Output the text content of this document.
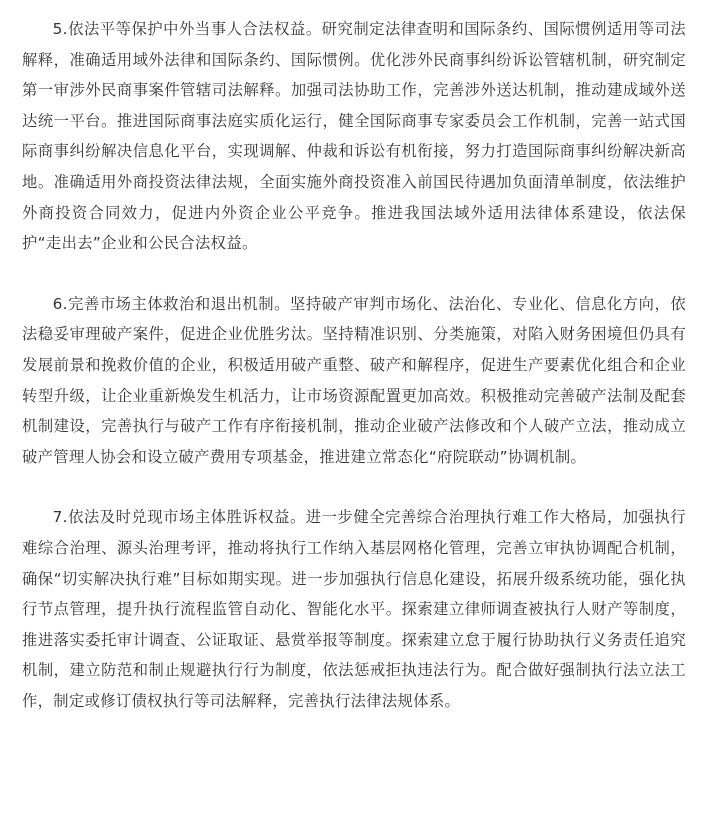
5.依法平等保护中外当事人合法权益。研究制定法律查明和国际条约、国际惯例适用等司法解释，准确适用域外法律和国际条约、国际惯例。优化涉外民商事纠纷诉讼管辖机制，研究制定第一审涉外民商事案件管辖司法解释。加强司法协助工作，完善涉外送达机制，推动建成域外送达统一平台。推进国际商事法庭实质化运行，健全国际商事专家委员会工作机制，完善一站式国际商事纠纷解决信息化平台，实现调解、仲裁和诉讼有机衔接，努力打造国际商事纠纷解决新高地。准确适用外商投资法律法规，全面实施外商投资准入前国民待遇加负面清单制度，依法维护外商投资合同效力，促进内外资企业公平竞争。推进我国法域外适用法律体系建设，依法保护“走出去”企业和公民合法权益。

6.完善市场主体救治和退出机制。坚持破产审判市场化、法治化、专业化、信息化方向，依法稳妥审理破产案件，促进企业优胜劣汰。坚持精准识别、分类施策，对陷入财务困境但仍具有发展前景和挽救价值的企业，积极适用破产重整、破产和解程序，促进生产要素优化组合和企业转型升级，让企业重新焕发生机活力，让市场资源配置更加高效。积极推动完善破产法制及配套机制建设，完善执行与破产工作有序衔接机制，推动企业破产法修改和个人破产立法，推动成立破产管理人协会和设立破产费用专项基金，推进建立常态化“府院联动”协调机制。

7.依法及时兑现市场主体胜诉权益。进一步健全完善综合治理执行难工作大格局，加强执行难综合治理、源头治理考评，推动将执行工作纳入基层网格化管理，完善立审执协调配合机制，确保“切实解决执行难”目标如期实现。进一步加强执行信息化建设，拓展升级系统功能，强化执行节点管理，提升执行流程监管自动化、智能化水平。探索建立律师调查被执行人财产等制度，推进落实委托审计调查、公证取证、悬赏举报等制度。探索建立怠于履行协助执行义务责任追究机制，建立防范和制止规避执行行为制度，依法惩戒拒执违法行为。配合做好强制执行法立法工作，制定或修订债权执行等司法解释，完善执行法律法规体系。
